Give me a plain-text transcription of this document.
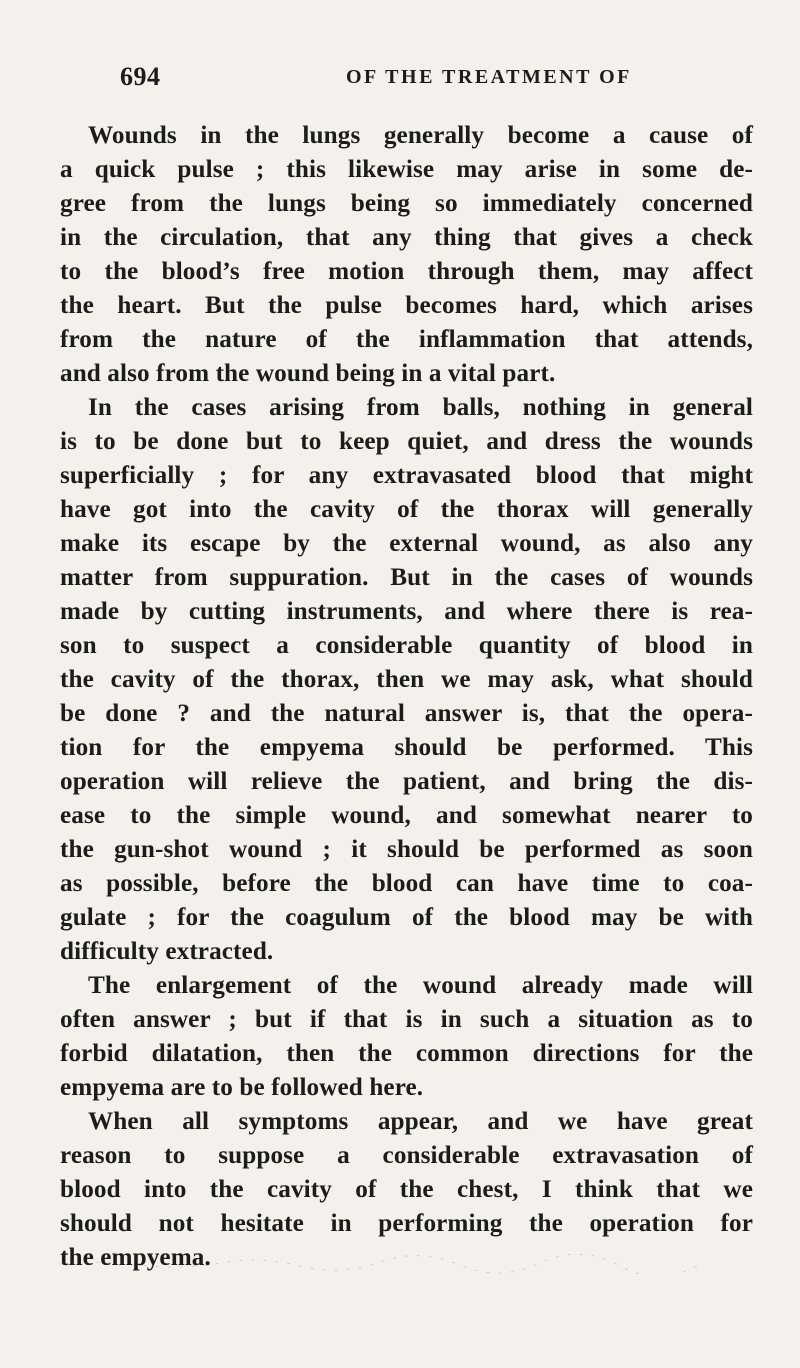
694	OF THE TREATMENT OF
Wounds in the lungs generally become a cause of
a quick pulse ; this likewise may arise in some de-
gree from the lungs being so immediately concerned
in the circulation, that any thing that gives a check
to the blood’s free motion through them, may affect
the heart. But the pulse becomes hard, which arises
from the nature of the inflammation that attends,
and also from the wound being in a vital part.
In the cases arising from balls, nothing in general
is to be done but to keep quiet, and dress the wounds
superficially ; for any extravasated blood that might
have got into the cavity of the thorax will generally
make its escape by the external wound, as also any
matter from suppuration. But in the cases of wounds
made by cutting instruments, and where there is rea-
son to suspect a considerable quantity of blood in
the cavity of the thorax, then we may ask, what should
be done ? and the natural answer is, that the opera-
tion for the empyema should be performed. This
operation will relieve the patient, and bring the dis-
ease to the simple wound, and somewhat nearer to
the gun-shot wound ; it should be performed as soon
as possible, before the blood can have time to coa-
gulate ; for the coagulum of the blood may be with
difficulty extracted.
The enlargement of the wound already made will
often answer ; but if that is in such a situation as to
forbid dilatation, then the common directions for the
empyema are to be followed here.
When all symptoms appear, and we have great
reason to suppose a considerable extravasation of
blood into the cavity of the chest, I think that we
should not hesitate in performing the operation for
the empyema.
